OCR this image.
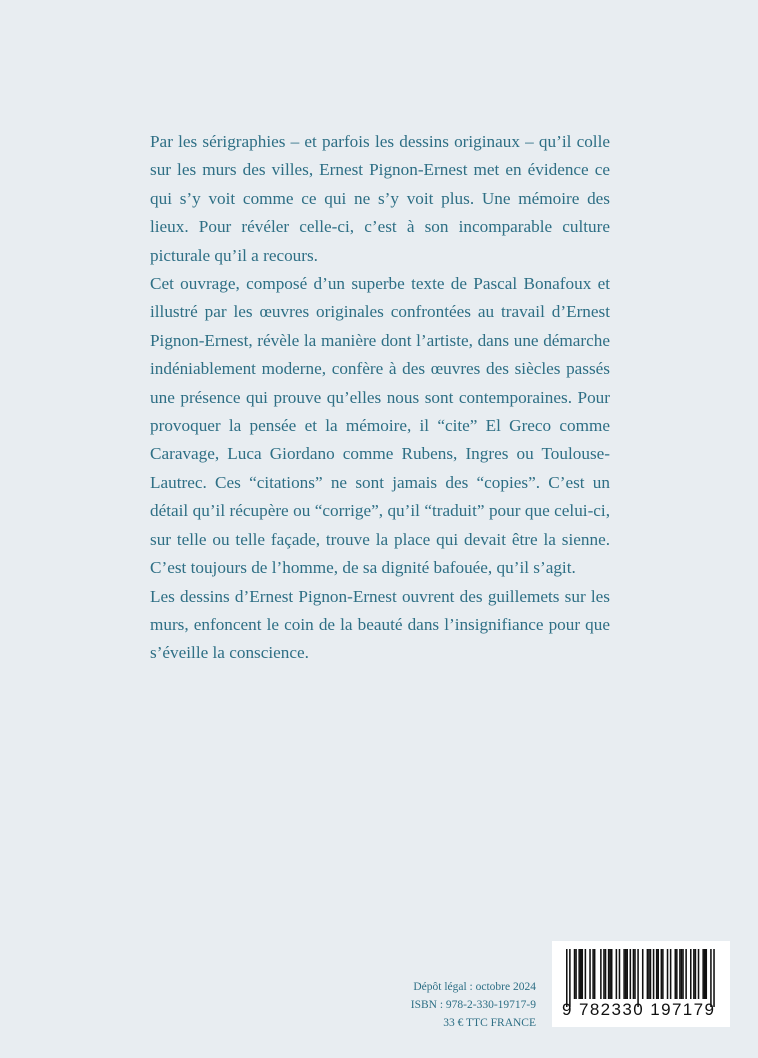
Par les sérigraphies – et parfois les dessins originaux – qu’il colle sur les murs des villes, Ernest Pignon-Ernest met en évidence ce qui s’y voit comme ce qui ne s’y voit plus. Une mémoire des lieux. Pour révéler celle-ci, c’est à son incomparable culture picturale qu’il a recours.

Cet ouvrage, composé d’un superbe texte de Pascal Bonafoux et illustré par les œuvres originales confrontées au travail d’Ernest Pignon-Ernest, révèle la manière dont l’artiste, dans une démarche indéniablement moderne, confère à des œuvres des siècles passés une présence qui prouve qu’elles nous sont contemporaines. Pour provoquer la pensée et la mémoire, il “cite” El Greco comme Caravage, Luca Giordano comme Rubens, Ingres ou Toulouse-Lautrec. Ces “citations” ne sont jamais des “copies”. C’est un détail qu’il récupère ou “corrige”, qu’il “traduit” pour que celui-ci, sur telle ou telle façade, trouve la place qui devait être la sienne. C’est toujours de l’homme, de sa dignité bafouée, qu’il s’agit.

Les dessins d’Ernest Pignon-Ernest ouvrent des guillemets sur les murs, enfoncent le coin de la beauté dans l’insignifiance pour que s’éveille la conscience.

Dépôt légal : octobre 2024
ISBN : 978-2-330-19717-9
33 € TTC FRANCE
9 782330 197179
